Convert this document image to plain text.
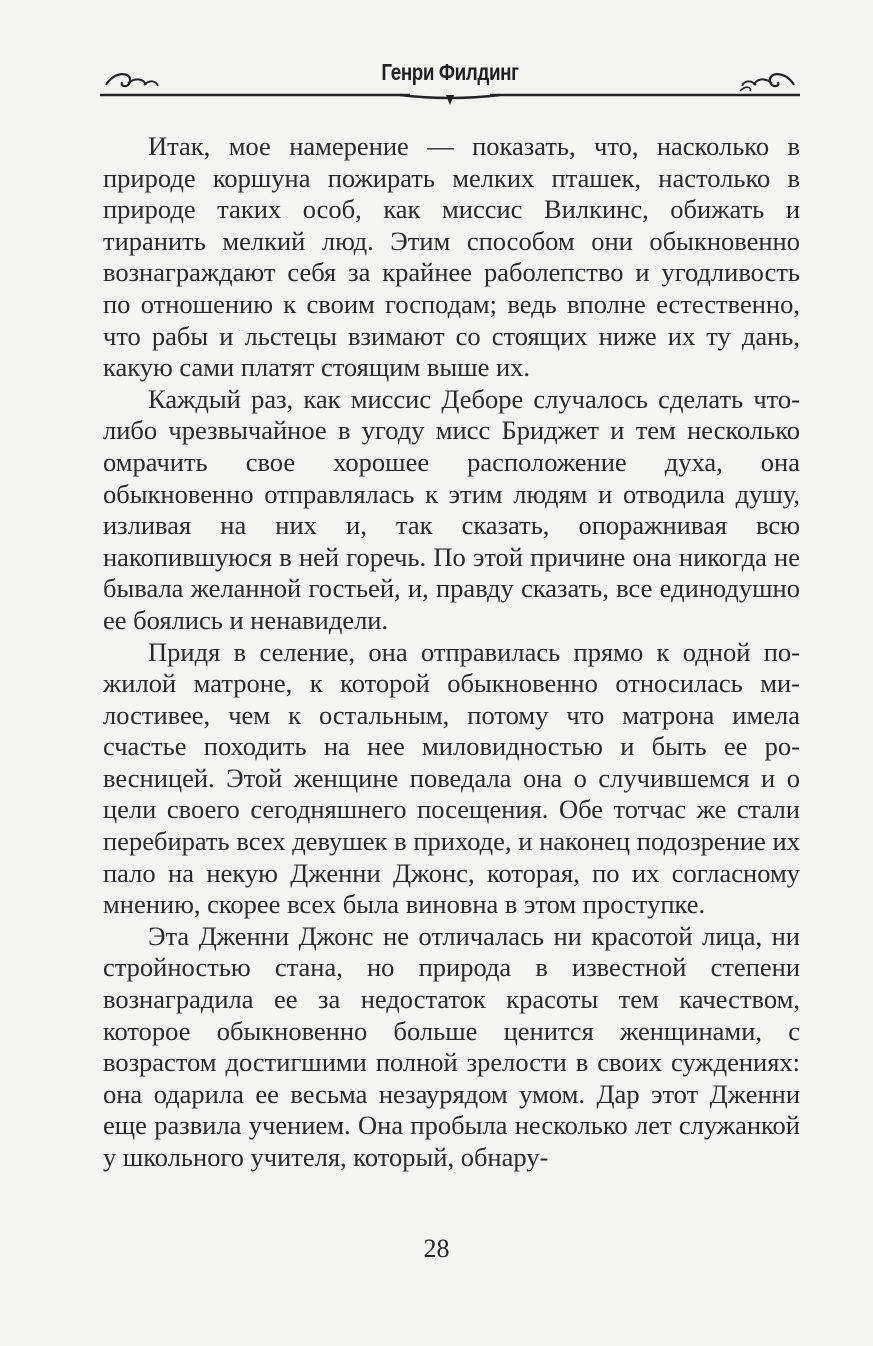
Генри Филдинг

Итак, мое намерение — показать, что, насколько в природе коршуна пожирать мелких пташек, настолько в природе таких особ, как миссис Вилкинс, обижать и тиранить мелкий люд. Этим способом они обыкновенно вознаграждают себя за крайнее раболепство и угодливость по отношению к своим господам; ведь вполне естественно, что рабы и льстецы взимают со стоящих ниже их ту дань, какую сами платят стоящим выше их.

Каждый раз, как миссис Деборе случалось сделать что-либо чрезвычайное в угоду мисс Бриджет и тем несколько омрачить свое хорошее расположение духа, она обыкновенно отправлялась к этим людям и отводила душу, изливая на них и, так сказать, опоражнивая всю накопившуюся в ней горечь. По этой причине она никогда не бывала желанной гостьей, и, правду сказать, все единодушно ее боялись и ненавидели.

Придя в селение, она отправилась прямо к одной пожилой матроне, к которой обыкновенно относилась милостивее, чем к остальным, потому что матрона имела счастье походить на нее миловидностью и быть ее ровесницей. Этой женщине поведала она о случившемся и о цели своего сегодняшнего посещения. Обе тотчас же стали перебирать всех девушек в приходе, и наконец подозрение их пало на некую Дженни Джонс, которая, по их согласному мнению, скорее всех была виновна в этом проступке.

Эта Дженни Джонс не отличалась ни красотой лица, ни стройностью стана, но природа в известной степени вознаградила ее за недостаток красоты тем качеством, которое обыкновенно больше ценится женщинами, с возрастом достигшими полной зрелости в своих суждениях: она одарила ее весьма незаурядом умом. Дар этот Дженни еще развила учением. Она пробыла несколько лет служанкой у школьного учителя, который, обнару-

28
